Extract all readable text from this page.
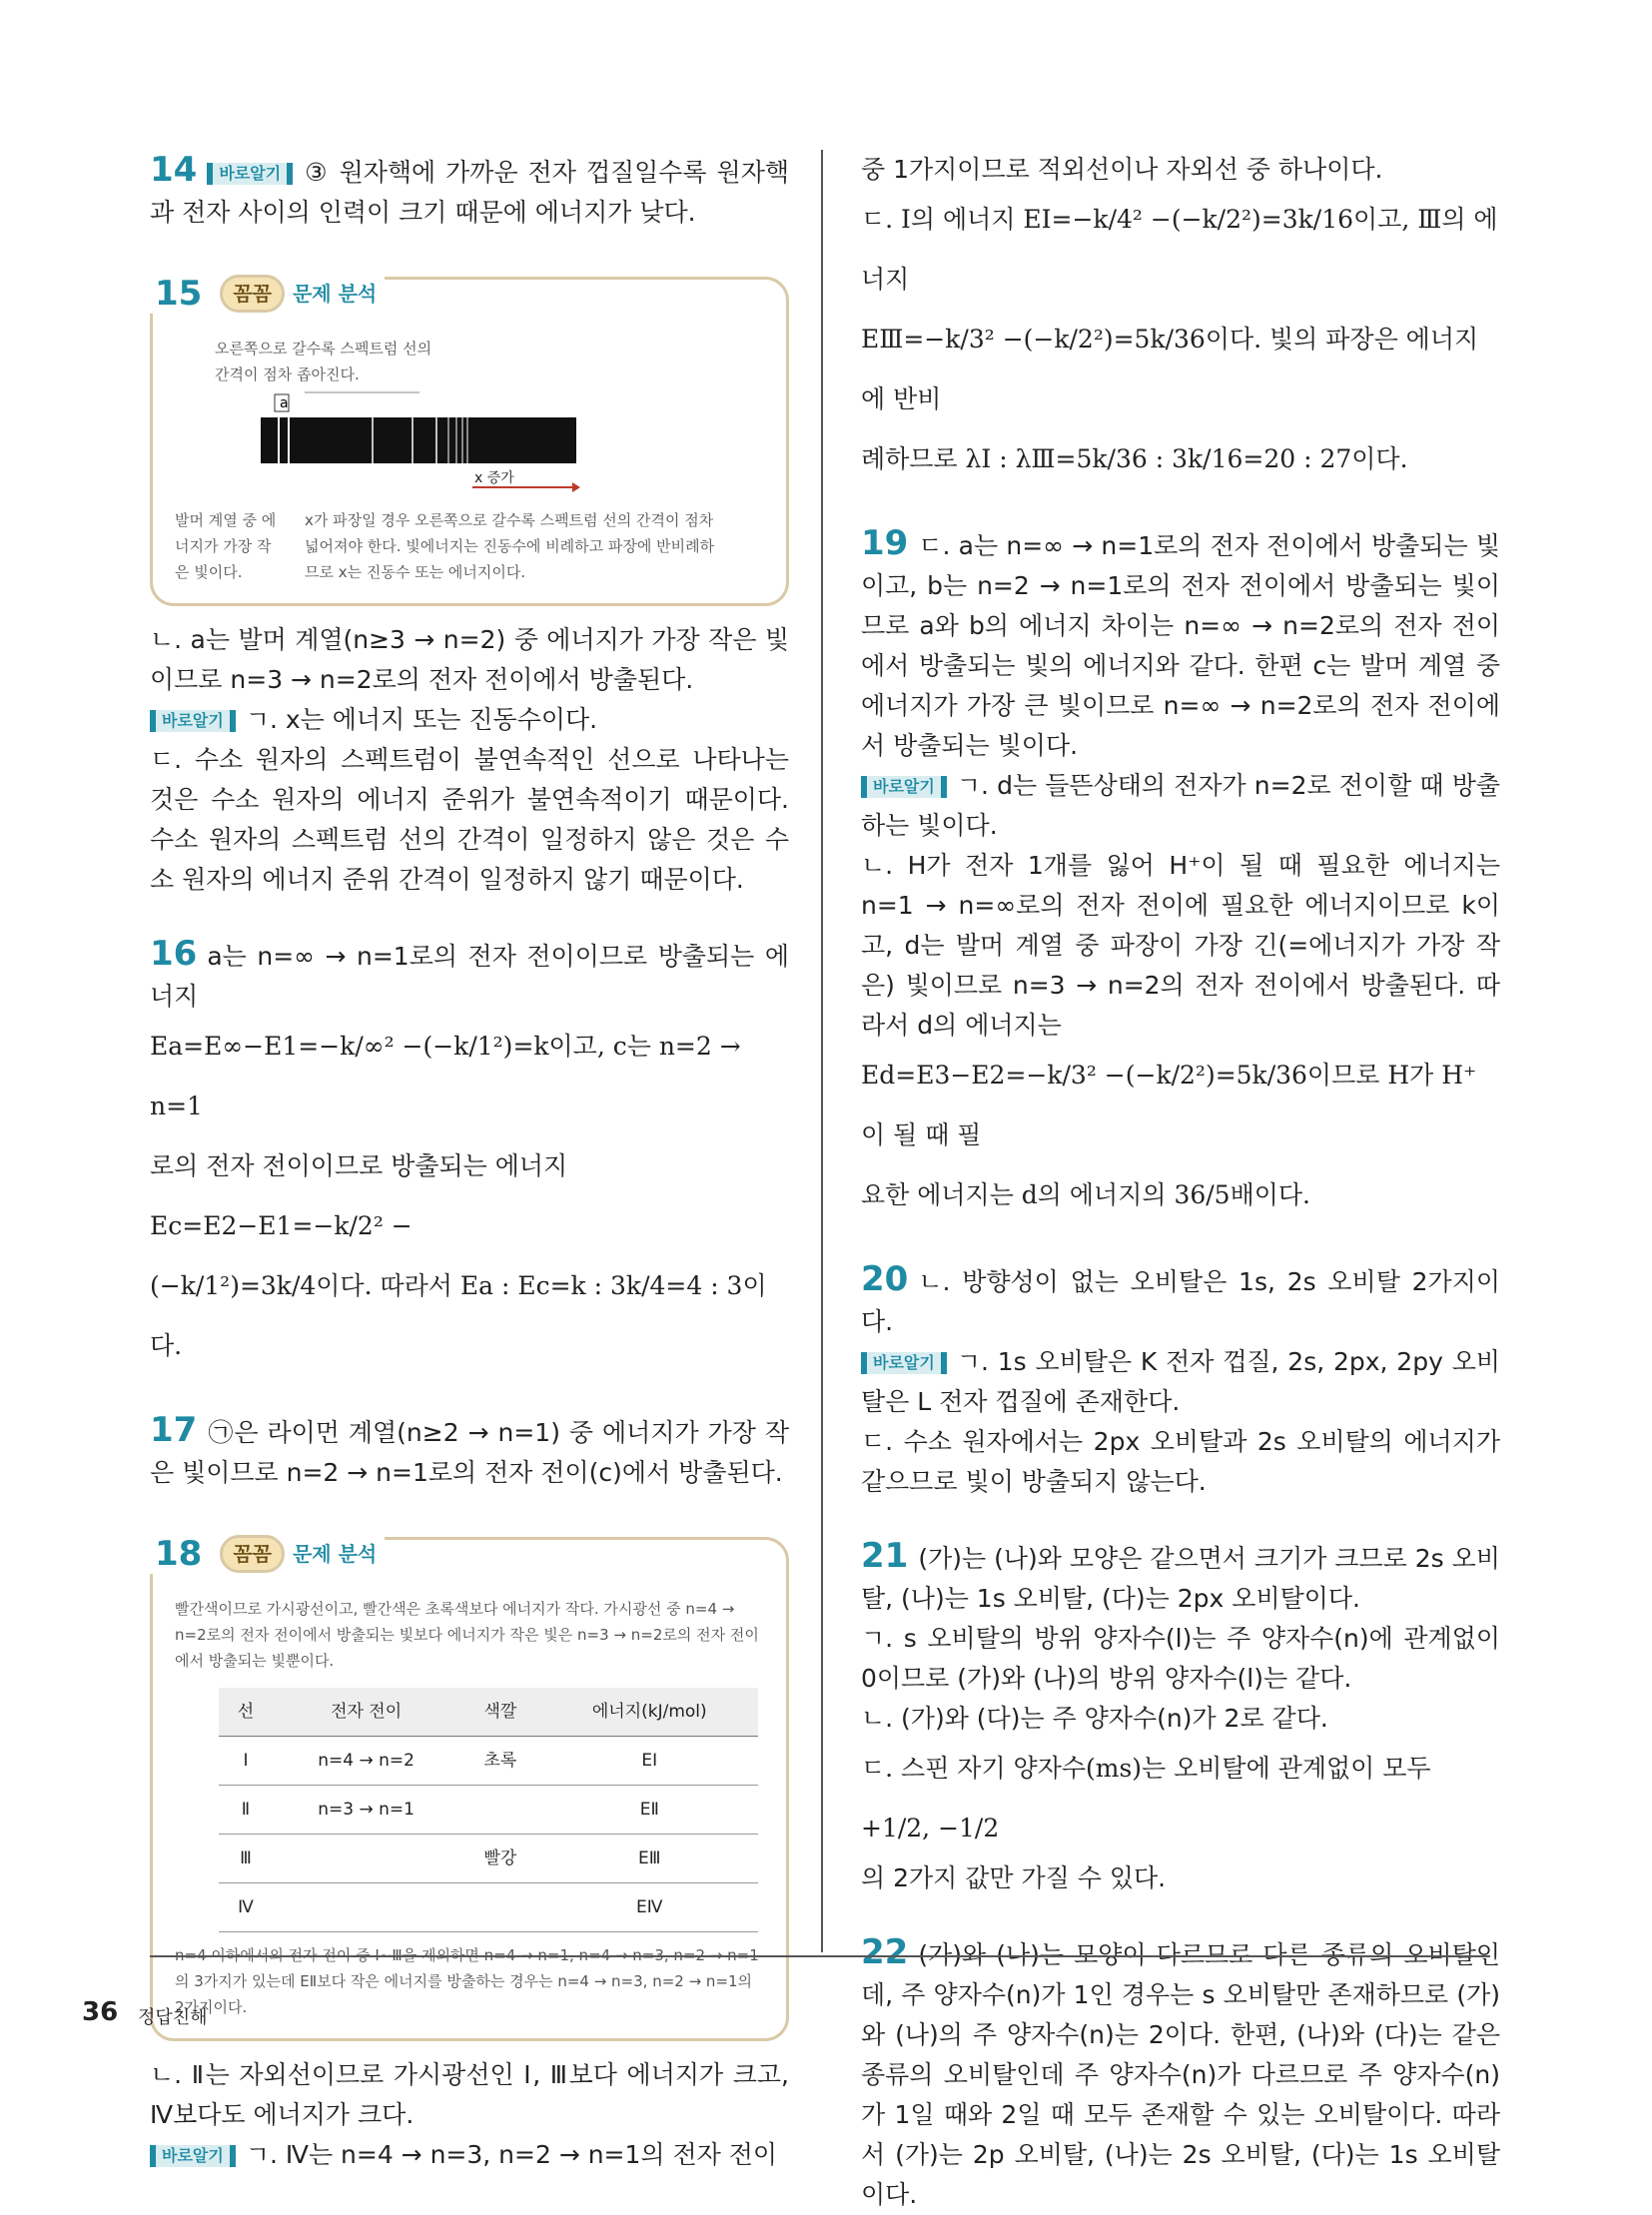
14 바로알기 ③ 원자핵에 가까운 전자 껍질일수록 원자핵과 전자 사이의 인력이 크기 때문에 에너지가 낮다.

15	꼼꼼	문제 분석
오른쪽으로 갈수록 스펙트럼 선의 간격이 점차 좁아진다.
a
x 증가
발머 계열 중 에너지가 가장 작은 빛이다.
x가 파장일 경우 오른쪽으로 갈수록 스펙트럼 선의 간격이 점차 넓어져야 한다. 빛에너지는 진동수에 비례하고 파장에 반비례하므로 x는 진동수 또는 에너지이다.

ㄴ. a는 발머 계열(n≥3 → n=2) 중 에너지가 가장 작은 빛이므로 n=3 → n=2로의 전자 전이에서 방출된다.

바로알기 ㄱ. x는 에너지 또는 진동수이다.

ㄷ. 수소 원자의 스펙트럼이 불연속적인 선으로 나타나는 것은 수소 원자의 에너지 준위가 불연속적이기 때문이다. 수소 원자의 스펙트럼 선의 간격이 일정하지 않은 것은 수소 원자의 에너지 준위 간격이 일정하지 않기 때문이다.

16 a는 n=∞ → n=1로의 전자 전이이므로 방출되는 에너지

Ea=E∞−E1=−k/∞² −(−k/1²)=k이고, c는 n=2 → n=1

로의 전자 전이이므로 방출되는 에너지 Ec=E2−E1=−k/2² −

(−k/1²)=3k/4이다. 따라서 Ea : Ec=k : 3k/4=4 : 3이다.

17 ㉠은 라이먼 계열(n≥2 → n=1) 중 에너지가 가장 작은 빛이므로 n=2 → n=1로의 전자 전이(c)에서 방출된다.

18	꼼꼼	문제 분석
빨간색이므로 가시광선이고, 빨간색은 초록색보다 에너지가 작다. 가시광선 중 n=4 → n=2로의 전자 전이에서 방출되는 빛보다 에너지가 작은 빛은 n=3 → n=2로의 전자 전이에서 방출되는 빛뿐이다.
선	전자 전이	색깔	에너지(kJ/mol)
Ⅰ	n=4 → n=2	초록	EⅠ
Ⅱ	n=3 → n=1		EⅡ
Ⅲ		빨강	EⅢ
Ⅳ			EⅣ
n=4 이하에서의 전자 전이 중 Ⅰ~Ⅲ을 제외하면 n=4 → n=1, n=4 → n=3, n=2 → n=1의 3가지가 있는데 EⅡ보다 작은 에너지를 방출하는 경우는 n=4 → n=3, n=2 → n=1의 2가지이다.

ㄴ. Ⅱ는 자외선이므로 가시광선인 Ⅰ, Ⅲ보다 에너지가 크고, Ⅳ보다도 에너지가 크다.

바로알기 ㄱ. Ⅳ는 n=4 → n=3, n=2 → n=1의 전자 전이

중 1가지이므로 적외선이나 자외선 중 하나이다.

ㄷ. Ⅰ의 에너지 EⅠ=−k/4² −(−k/2²)=3k/16이고, Ⅲ의 에너지

EⅢ=−k/3² −(−k/2²)=5k/36이다. 빛의 파장은 에너지에 반비

례하므로 λⅠ : λⅢ=5k/36 : 3k/16=20 : 27이다.

19 ㄷ. a는 n=∞ → n=1로의 전자 전이에서 방출되는 빛이고, b는 n=2 → n=1로의 전자 전이에서 방출되는 빛이므로 a와 b의 에너지 차이는 n=∞ → n=2로의 전자 전이에서 방출되는 빛의 에너지와 같다. 한편 c는 발머 계열 중 에너지가 가장 큰 빛이므로 n=∞ → n=2로의 전자 전이에서 방출되는 빛이다.

바로알기 ㄱ. d는 들뜬상태의 전자가 n=2로 전이할 때 방출하는 빛이다.

ㄴ. H가 전자 1개를 잃어 H⁺이 될 때 필요한 에너지는 n=1 → n=∞로의 전자 전이에 필요한 에너지이므로 k이고, d는 발머 계열 중 파장이 가장 긴(=에너지가 가장 작은) 빛이므로 n=3 → n=2의 전자 전이에서 방출된다. 따라서 d의 에너지는

Ed=E3−E2=−k/3² −(−k/2²)=5k/36이므로 H가 H⁺이 될 때 필

요한 에너지는 d의 에너지의 36/5배이다.

20 ㄴ. 방향성이 없는 오비탈은 1s, 2s 오비탈 2가지이다.

바로알기 ㄱ. 1s 오비탈은 K 전자 껍질, 2s, 2px, 2py 오비탈은 L 전자 껍질에 존재한다.

ㄷ. 수소 원자에서는 2px 오비탈과 2s 오비탈의 에너지가 같으므로 빛이 방출되지 않는다.

21 (가)는 (나)와 모양은 같으면서 크기가 크므로 2s 오비탈, (나)는 1s 오비탈, (다)는 2px 오비탈이다.

ㄱ. s 오비탈의 방위 양자수(l)는 주 양자수(n)에 관계없이 0이므로 (가)와 (나)의 방위 양자수(l)는 같다.

ㄴ. (가)와 (다)는 주 양자수(n)가 2로 같다.

ㄷ. 스핀 자기 양자수(ms)는 오비탈에 관계없이 모두 +1/2, −1/2

의 2가지 값만 가질 수 있다.

22 (가)와 (나)는 모양이 다르므로 다른 종류의 오비탈인데, 주 양자수(n)가 1인 경우는 s 오비탈만 존재하므로 (가)와 (나)의 주 양자수(n)는 2이다. 한편, (나)와 (다)는 같은 종류의 오비탈인데 주 양자수(n)가 다르므로 주 양자수(n)가 1일 때와 2일 때 모두 존재할 수 있는 오비탈이다. 따라서 (가)는 2p 오비탈, (나)는 2s 오비탈, (다)는 1s 오비탈이다.

36 정답친해
